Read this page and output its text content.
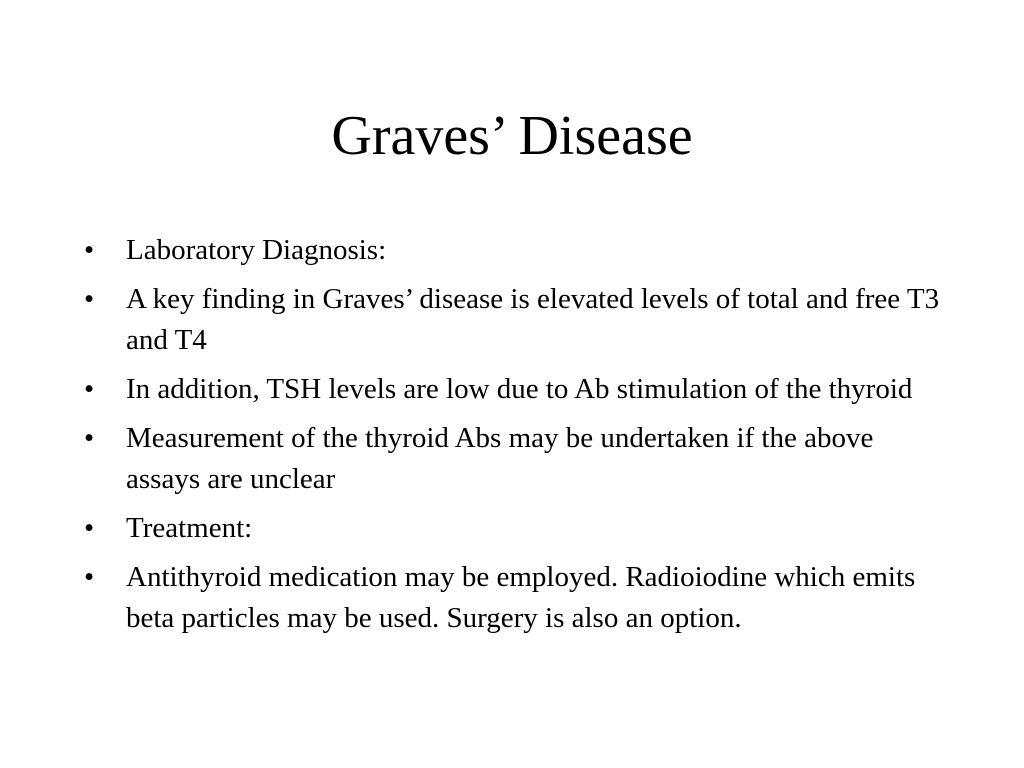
Graves’ Disease
•	Laboratory Diagnosis:
•	A key finding in Graves’ disease is elevated levels of total and free T3 and T4
•	In addition, TSH levels are low due to Ab stimulation of the thyroid
•	Measurement of the thyroid Abs may be undertaken if the above assays are unclear
•	Treatment:
•	Antithyroid medication may be employed. Radioiodine which emits beta particles may be used. Surgery is also an option.
